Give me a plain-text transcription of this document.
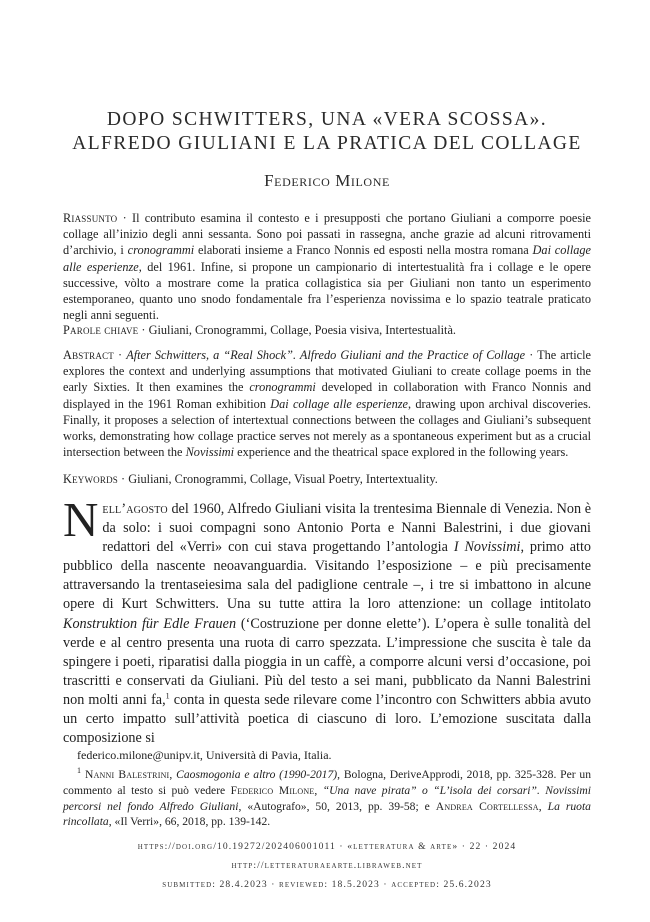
DOPO SCHWITTERS, UNA «VERA SCOSSA».
ALFREDO GIULIANI E LA PRATICA DEL COLLAGE
Federico Milone
Riassunto · Il contributo esamina il contesto e i presupposti che portano Giuliani a comporre poesie collage all’inizio degli anni sessanta. Sono poi passati in rassegna, anche grazie ad alcuni ritrovamenti d’archivio, i cronogrammi elaborati insieme a Franco Nonnis ed esposti nella mostra romana Dai collage alle esperienze, del 1961. Infine, si propone un campionario di intertestualità fra i collage e le opere successive, vòlto a mostrare come la pratica collagistica sia per Giuliani non tanto un esperimento estemporaneo, quanto uno snodo fondamentale fra l’esperienza novissima e lo spazio teatrale praticato negli anni seguenti.
Parole chiave · Giuliani, Cronogrammi, Collage, Poesia visiva, Intertestualità.
Abstract · After Schwitters, a “Real Shock”. Alfredo Giuliani and the Practice of Collage · The article explores the context and underlying assumptions that motivated Giuliani to create collage poems in the early Sixties. It then examines the cronogrammi developed in collaboration with Franco Nonnis and displayed in the 1961 Roman exhibition Dai collage alle esperienze, drawing upon archival discoveries. Finally, it proposes a selection of intertextual connections between the collages and Giuliani’s subsequent works, demonstrating how collage practice serves not merely as a spontaneous experiment but as a crucial intersection between the Novissimi experience and the theatrical space explored in the following years.
Keywords · Giuliani, Cronogrammi, Collage, Visual Poetry, Intertextuality.
Nell’agosto del 1960, Alfredo Giuliani visita la trentesima Biennale di Venezia. Non è da solo: i suoi compagni sono Antonio Porta e Nanni Balestrini, i due giovani redattori del «Verri» con cui stava progettando l’antologia I Novissimi, primo atto pubblico della nascente neoavanguardia. Visitando l’esposizione – e più precisamente attraversando la trentaseiesima sala del padiglione centrale –, i tre si imbattono in alcune opere di Kurt Schwitters. Una su tutte attira la loro attenzione: un collage intitolato Konstruktion für Edle Frauen (‘Costruzione per donne elette’). L’opera è sulle tonalità del verde e al centro presenta una ruota di carro spezzata. L’impressione che suscita è tale da spingere i poeti, riparatisi dalla pioggia in un caffè, a comporre alcuni versi d’occasione, poi trascritti e conservati da Giuliani. Più del testo a sei mani, pubblicato da Nanni Balestrini non molti anni fa,$^1$ conta in questa sede rilevare come l’incontro con Schwitters abbia avuto un certo impatto sull’attività poetica di ciascuno di loro. L’emozione suscitata dalla composizione si
federico.milone@unipv.it, Università di Pavia, Italia.
$^1$ Nanni Balestrini, Caosmogonia e altro (1990-2017), Bologna, DeriveApprodi, 2018, pp. 325-328. Per un commento al testo si può vedere Federico Milone, “Una nave pirata” o “L’isola dei corsari”. Novissimi percorsi nel fondo Alfredo Giuliani, «Autografo», 50, 2013, pp. 39-58; e Andrea Cortellessa, La ruota rincollata, «Il Verri», 66, 2018, pp. 139-142.
https://doi.org/10.19272/202406001011 · «letteratura & arte» · 22 · 2024
http://letteraturaearte.libraweb.net
submitted: 28.4.2023 · reviewed: 18.5.2023 · accepted: 25.6.2023
